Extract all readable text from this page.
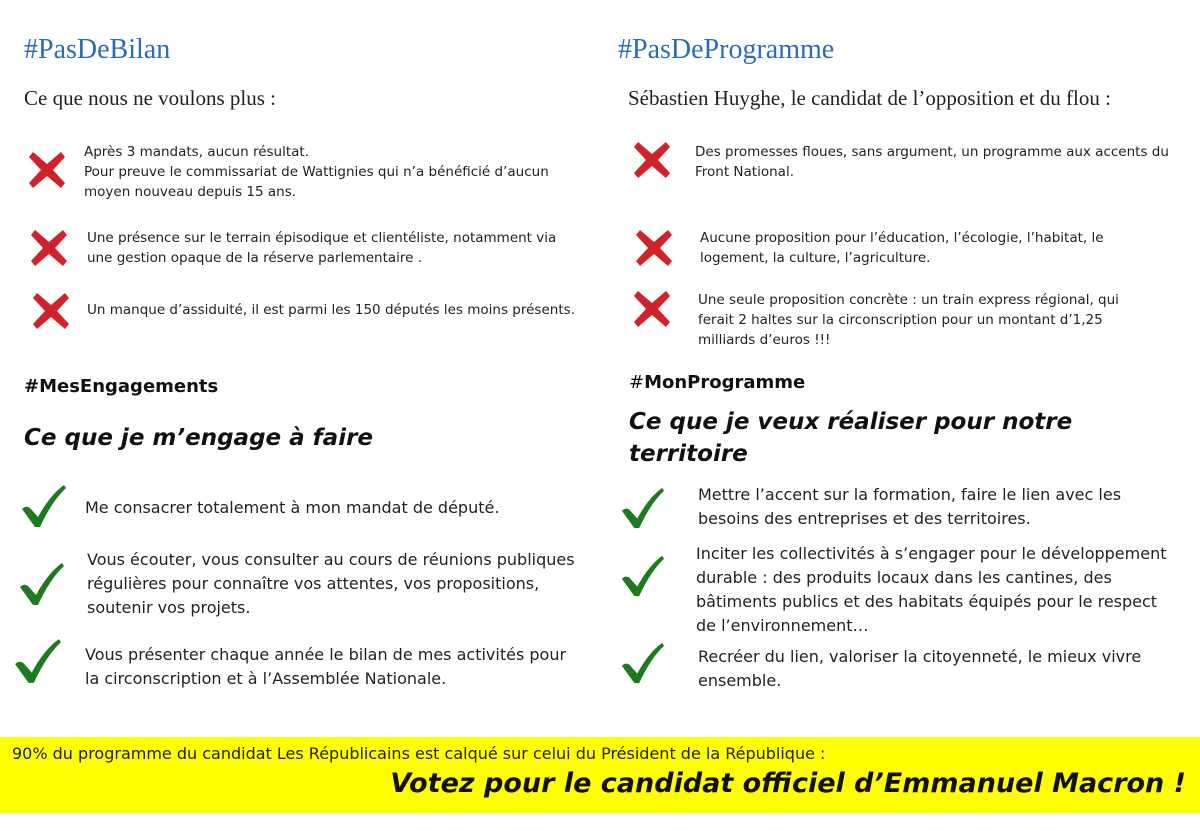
#PasDeBilan
Ce que nous ne voulons plus :
Après 3 mandats, aucun résultat.
Pour preuve le commissariat de Wattignies qui n’a bénéficié d’aucun moyen nouveau depuis 15 ans.
Une présence sur le terrain épisodique et clientéliste, notamment via une gestion opaque de la réserve parlementaire .
Un manque d’assiduité, il est parmi les 150 députés les moins présents.
#MesEngagements
Ce que je m’engage à faire
Me consacrer totalement à mon mandat de député.
Vous écouter, vous consulter au cours de réunions publiques régulières pour connaître vos attentes, vos propositions, soutenir vos projets.
Vous présenter chaque année le bilan de mes activités pour la circonscription et à l’Assemblée Nationale.
#PasDeProgramme
Sébastien Huyghe, le candidat de l’opposition et du flou :
Des promesses floues, sans argument, un programme aux accents du Front National.
Aucune proposition pour l’éducation, l’écologie, l’habitat, le logement, la culture, l’agriculture.
Une seule proposition concrète : un train express régional, qui ferait 2 haltes sur la circonscription pour un montant d’1,25 milliards d’euros !!!
#MonProgramme
Ce que je veux réaliser pour notre territoire
Mettre l’accent sur la formation, faire le lien avec les besoins des entreprises et des territoires.
Inciter les collectivités à s’engager pour le développement durable : des produits locaux dans les cantines, des bâtiments publics et des habitats équipés pour le respect de l’environnement…
Recréer du lien, valoriser la citoyenneté, le mieux vivre ensemble.
90% du programme du candidat Les Républicains est calqué sur celui du Président de la République :
Votez pour le candidat officiel d’Emmanuel Macron !
